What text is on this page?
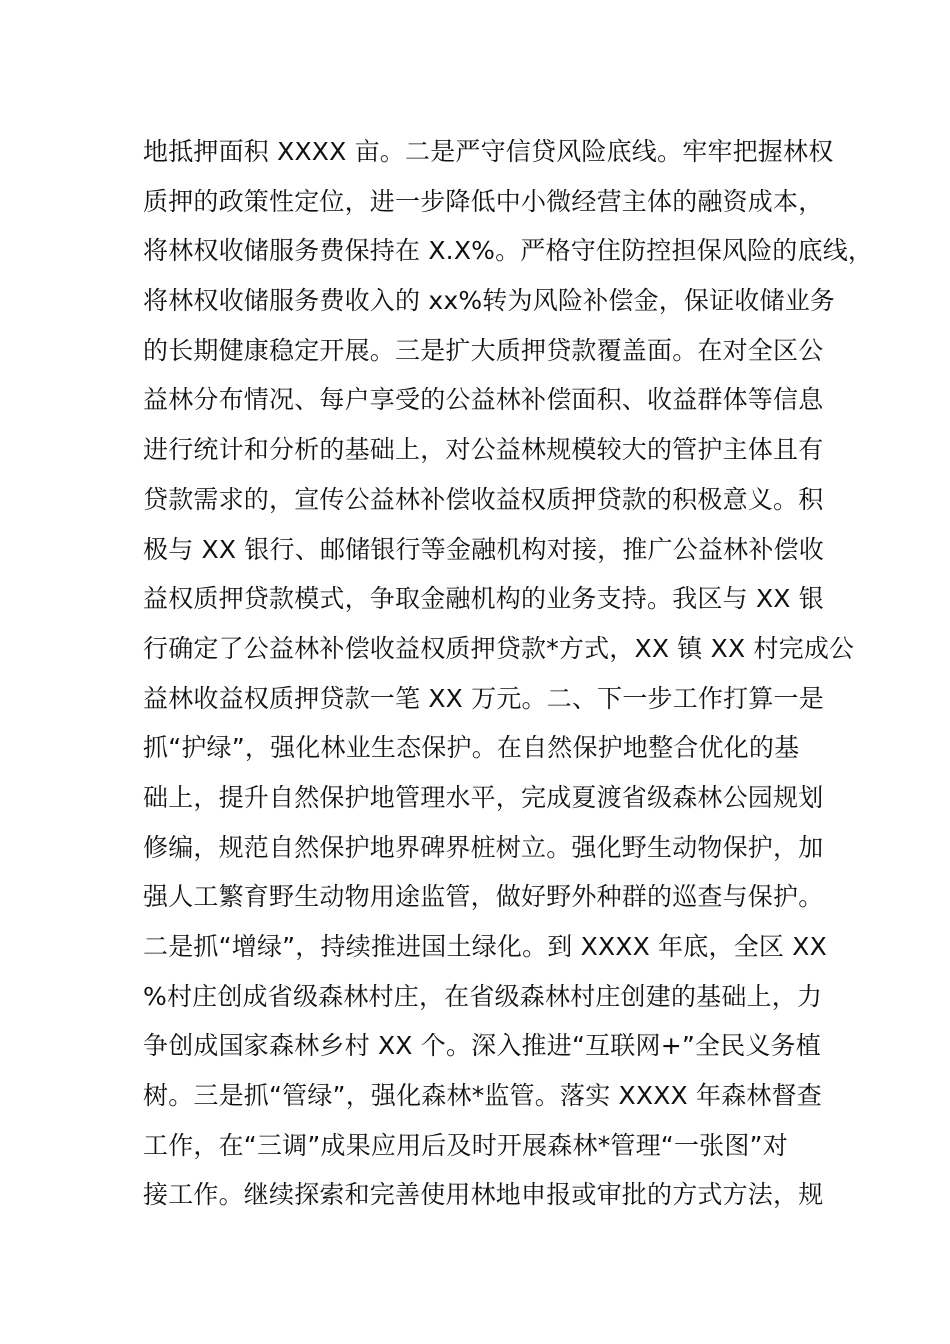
地抵押面积 XXXX 亩。二是严守信贷风险底线。牢牢把握林权
质押的政策性定位，进一步降低中小微经营主体的融资成本，
将林权收储服务费保持在 X.X%。严格守住防控担保风险的底线，
将林权收储服务费收入的 xx%转为风险补偿金，保证收储业务
的长期健康稳定开展。三是扩大质押贷款覆盖面。在对全区公
益林分布情况、每户享受的公益林补偿面积、收益群体等信息
进行统计和分析的基础上，对公益林规模较大的管护主体且有
贷款需求的，宣传公益林补偿收益权质押贷款的积极意义。积
极与 XX 银行、邮储银行等金融机构对接，推广公益林补偿收
益权质押贷款模式，争取金融机构的业务支持。我区与 XX 银
行确定了公益林补偿收益权质押贷款*方式，XX 镇 XX 村完成公
益林收益权质押贷款一笔 XX 万元。二、下一步工作打算一是
抓“护绿”，强化林业生态保护。在自然保护地整合优化的基
础上，提升自然保护地管理水平，完成夏渡省级森林公园规划
修编，规范自然保护地界碑界桩树立。强化野生动物保护，加
强人工繁育野生动物用途监管，做好野外种群的巡查与保护。
二是抓“增绿”，持续推进国土绿化。到 XXXX 年底，全区 XX
%村庄创成省级森林村庄，在省级森林村庄创建的基础上，力
争创成国家森林乡村 XX 个。深入推进“互联网+”全民义务植
树。三是抓“管绿”，强化森林*监管。落实 XXXX 年森林督查
工作，在“三调”成果应用后及时开展森林*管理“一张图”对
接工作。继续探索和完善使用林地申报或审批的方式方法，规
